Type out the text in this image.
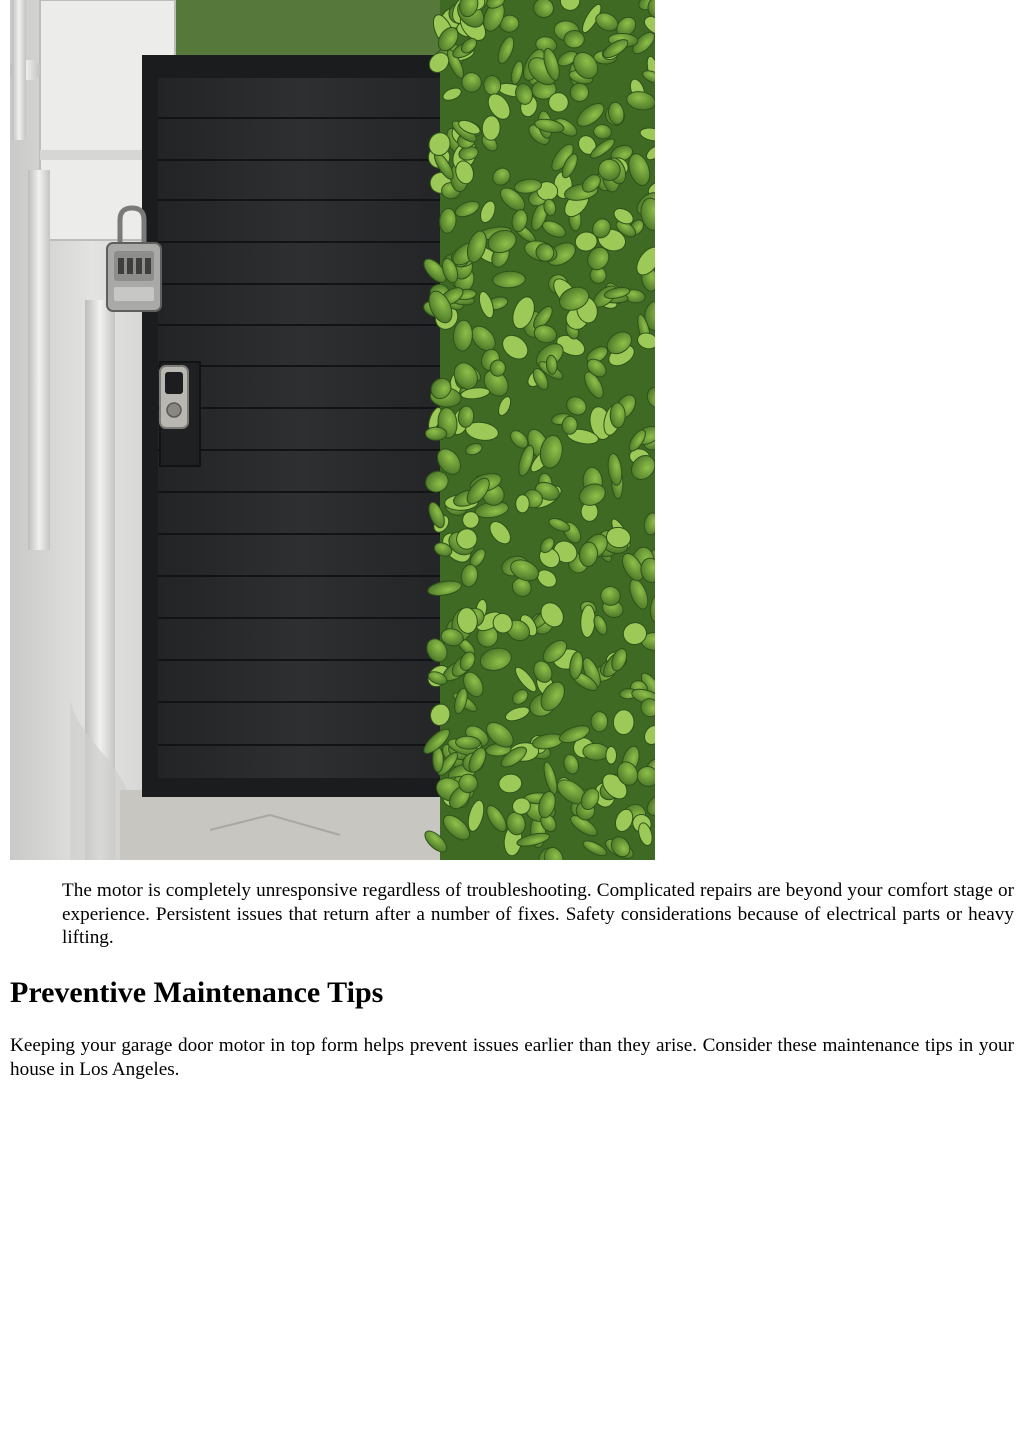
The motor is completely unresponsive regardless of troubleshooting. Complicated repairs are beyond your comfort stage or experience. Persistent issues that return after a number of fixes. Safety considerations because of electrical parts or heavy lifting.
Preventive Maintenance Tips

Keeping your garage door motor in top form helps prevent issues earlier than they arise. Consider these maintenance tips in your house in Los Angeles.
